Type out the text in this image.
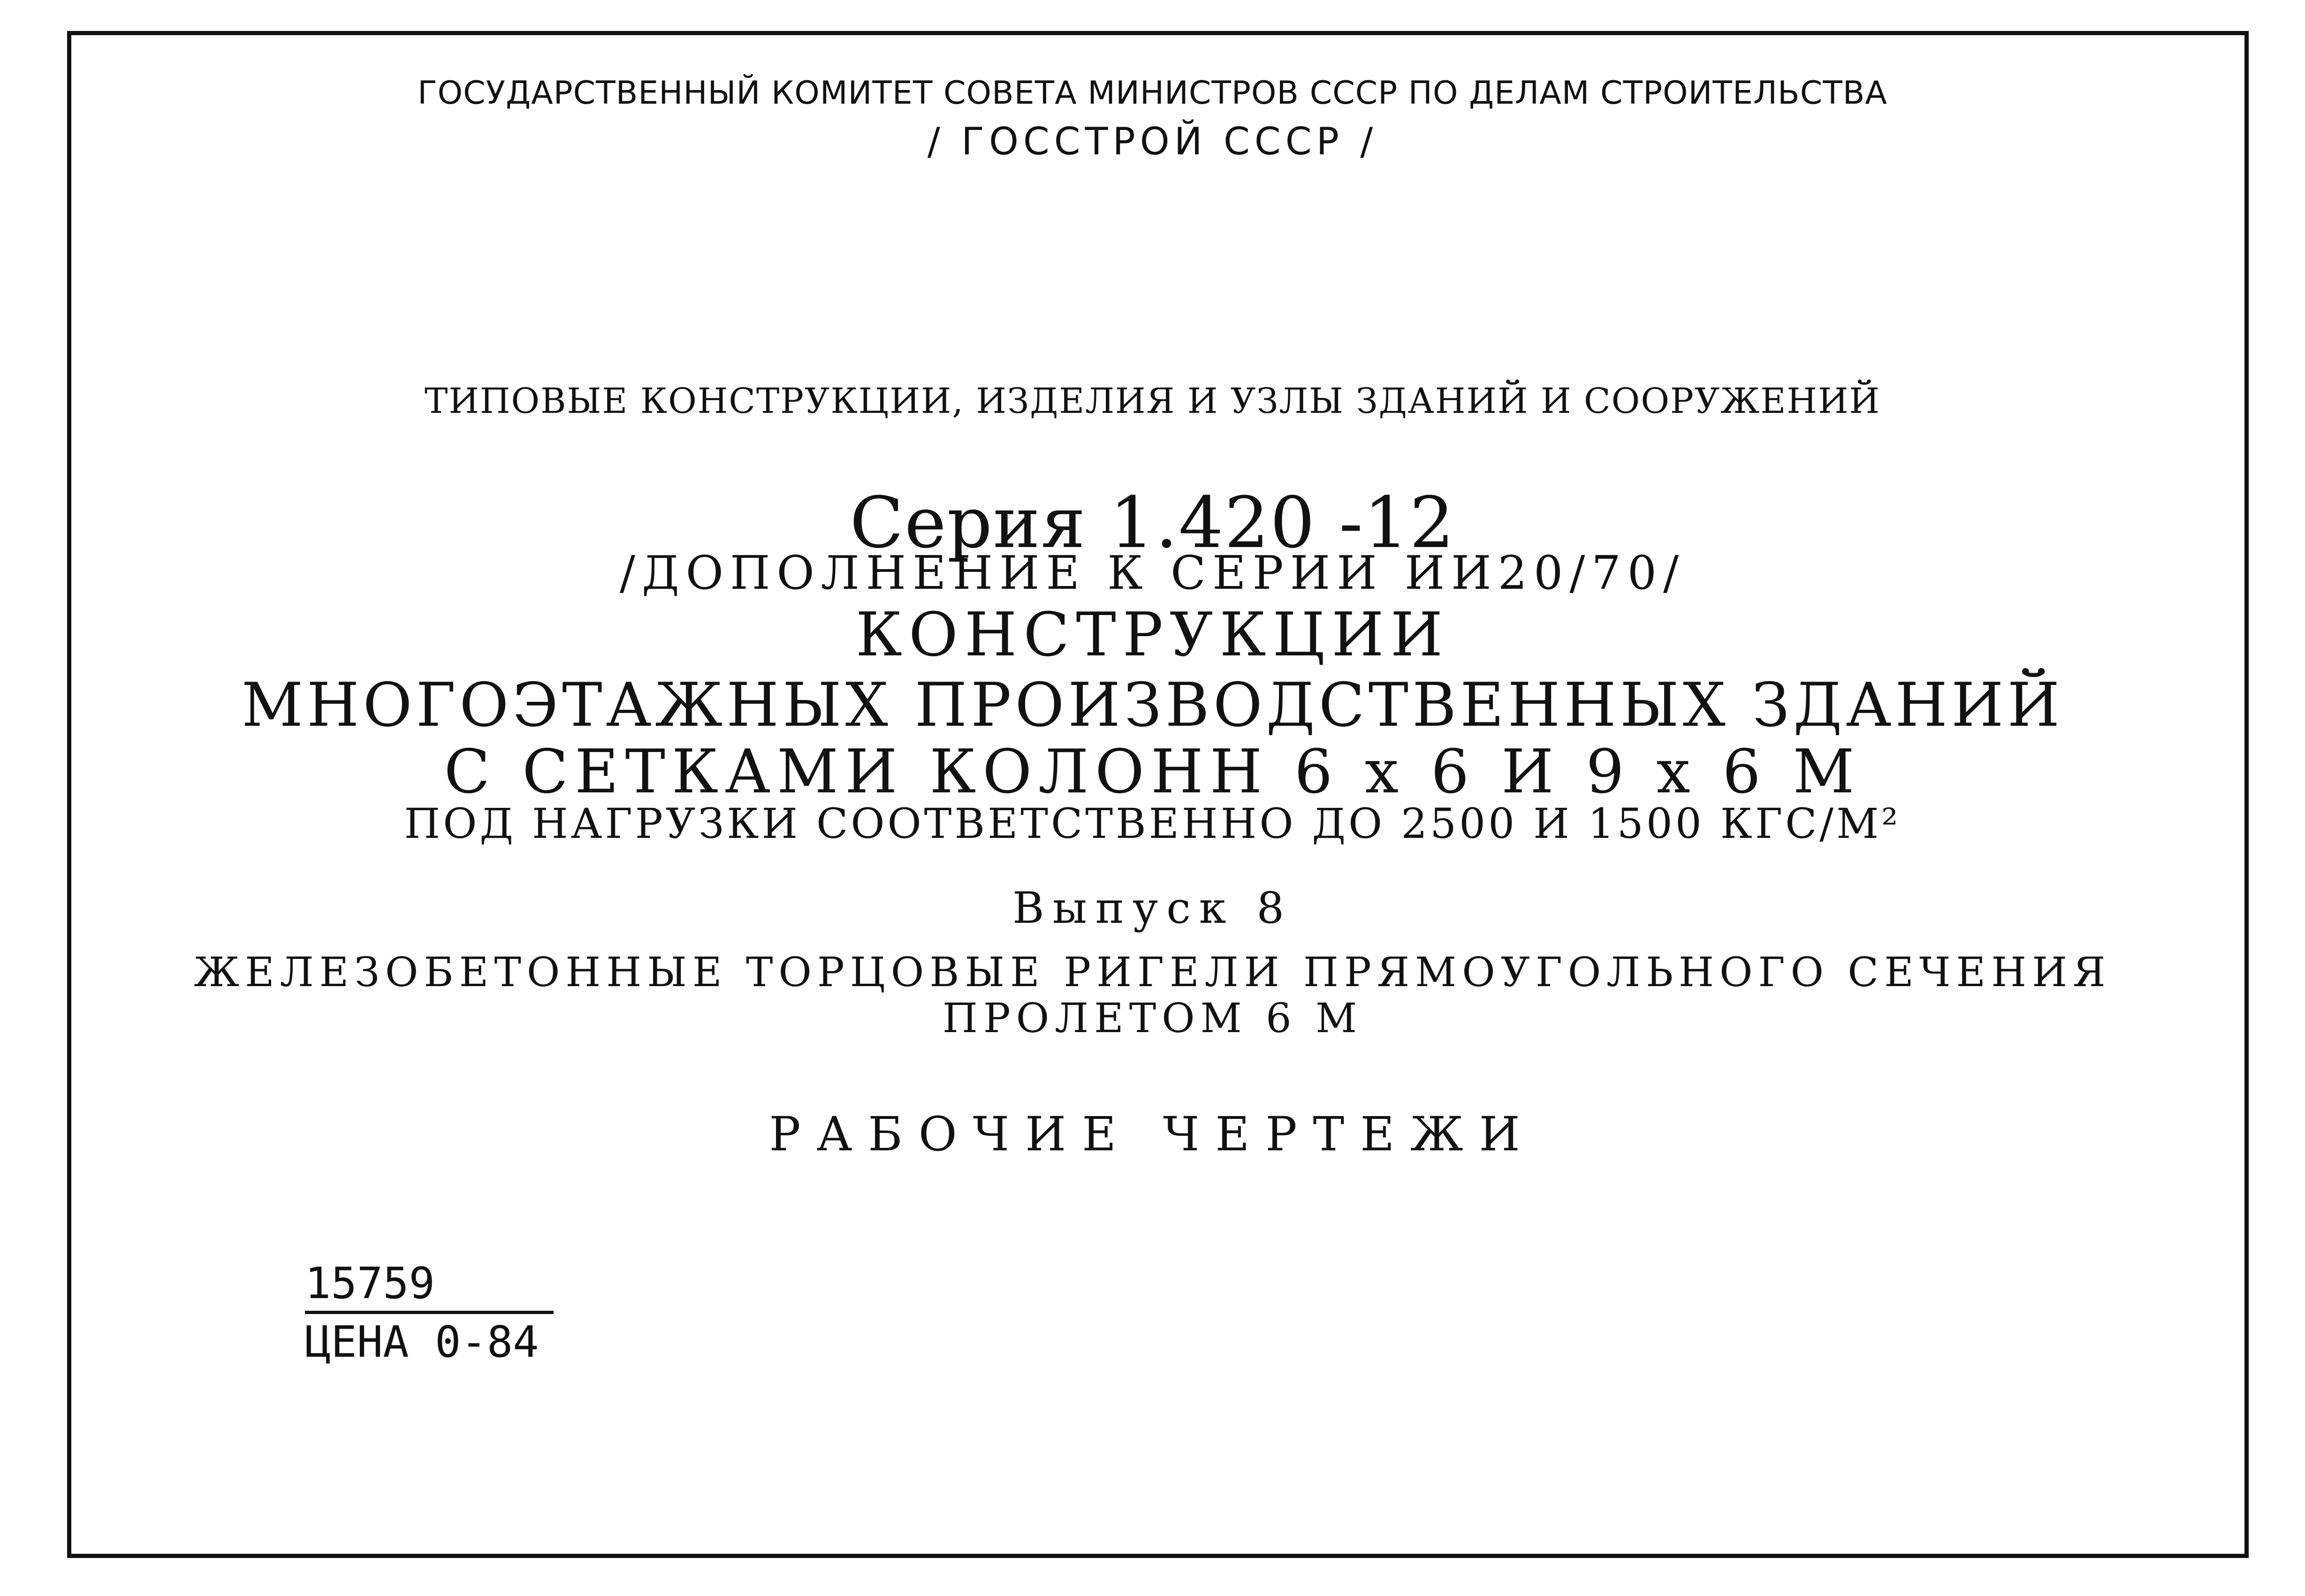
ГОСУДАРСТВЕННЫЙ КОМИТЕТ СОВЕТА МИНИСТРОВ СССР ПО ДЕЛАМ СТРОИТЕЛЬСТВА
/ ГОССТРОЙ СССР /
ТИПОВЫЕ КОНСТРУКЦИИ, ИЗДЕЛИЯ И УЗЛЫ ЗДАНИЙ И СООРУЖЕНИЙ
Серия 1.420 -12
/ДОПОЛНЕНИЕ К СЕРИИ ИИ20/70/
КОНСТРУКЦИИ
МНОГОЭТАЖНЫХ ПРОИЗВОДСТВЕННЫХ ЗДАНИЙ
С СЕТКАМИ КОЛОНН 6 х 6 И 9 х 6 М
ПОД НАГРУЗКИ СООТВЕТСТВЕННО ДО 2500 И 1500 КГС/М²
Выпуск 8
ЖЕЛЕЗОБЕТОННЫЕ ТОРЦОВЫЕ РИГЕЛИ ПРЯМОУГОЛЬНОГО СЕЧЕНИЯ
ПРОЛЕТОМ 6 М
РАБОЧИЕ ЧЕРТЕЖИ
15759
ЦЕНА 0-84
